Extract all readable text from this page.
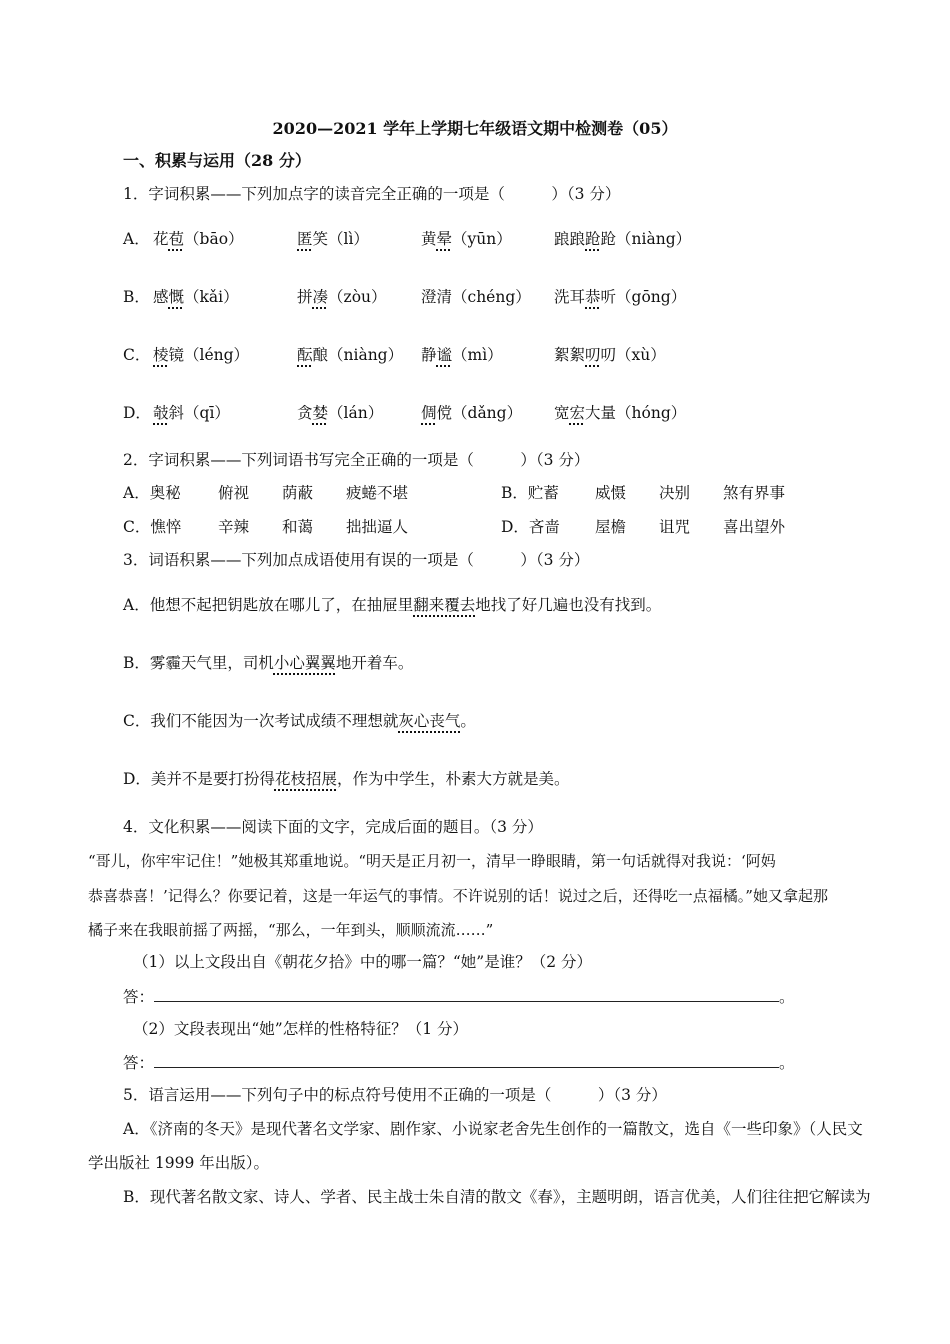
2020—2021 学年上学期七年级语文期中检测卷（05）
一、积累与运用（28 分）
1．字词积累——下列加点字的读音完全正确的一项是（　　　）（3 分）
A． 花苞（bāo）	匿笑（lì）	黄晕（yūn）	踉踉跄跄（niàng）
B． 感慨（kǎi）	拼凑（zòu） 澄清（chéng） 洗耳恭听（gōng）
C． 棱镜（léng）	酝酿（niàng） 静谧（mì）	絮絮叨叨（xù）
D． 攲斜（qī）	贪婪（lán） 倜傥（dǎng） 宽宏大量（hóng）
2．字词积累——下列词语书写完全正确的一项是（　　　）（3 分）
A．奥秘 俯视 荫蔽 疲蜷不堪	B．贮蓄 威慑 决别 煞有界事
C．憔悴 辛辣 和蔼 拙拙逼人	D．吝啬 屋檐 诅咒 喜出望外
3．词语积累——下列加点成语使用有误的一项是（　　　）（3 分）
A．他想不起把钥匙放在哪儿了，在抽屉里翻来覆去地找了好几遍也没有找到。
B．雾霾天气里，司机小心翼翼地开着车。
C．我们不能因为一次考试成绩不理想就灰心丧气。
D．美并不是要打扮得花枝招展，作为中学生，朴素大方就是美。
4．文化积累——阅读下面的文字，完成后面的题目。（3 分）
“哥儿，你牢牢记住！”她极其郑重地说。“明天是正月初一，清早一睁眼睛，第一句话就得对我说：‘阿妈
恭喜恭喜！’记得么？你要记着，这是一年运气的事情。不许说别的话！说过之后，还得吃一点福橘。”她又拿起那
橘子来在我眼前摇了两摇，“那么，一年到头，顺顺流流……”
（1）以上文段出自《朝花夕拾》中的哪一篇？“她”是谁？（2 分）
答：	。
（2）文段表现出“她”怎样的性格特征？（1 分）
答：	。
5．语言运用——下列句子中的标点符号使用不正确的一项是（　　　）（3 分）
A．《济南的冬天》是现代著名文学家、剧作家、小说家老舍先生创作的一篇散文，选自《一些印象》（人民文
学出版社 1999 年出版）。
B．现代著名散文家、诗人、学者、民主战士朱自清的散文《春》，主题明朗，语言优美，人们往往把它解读为
